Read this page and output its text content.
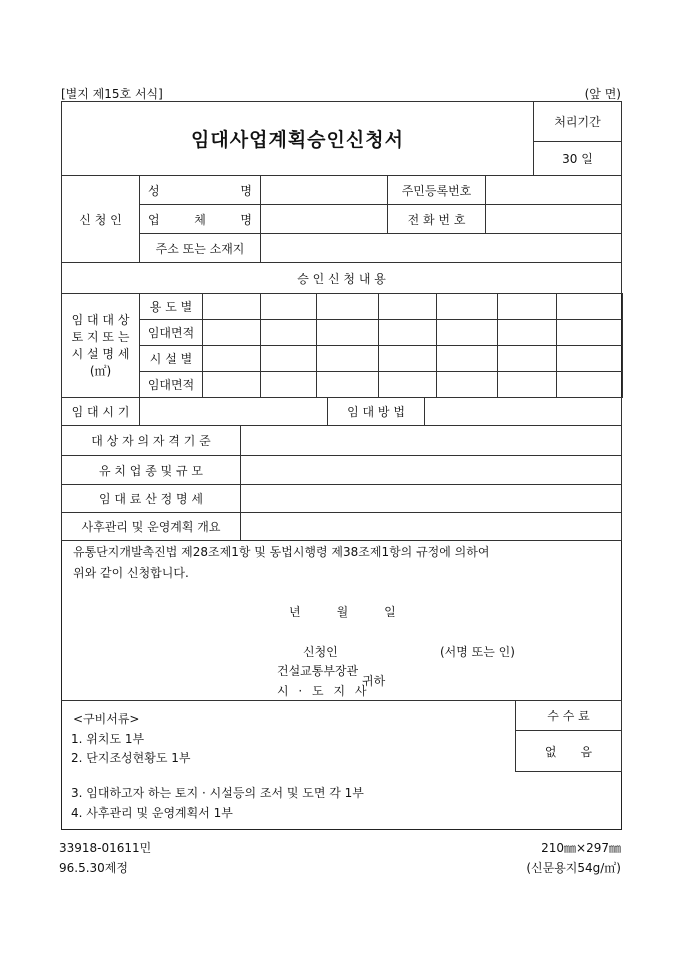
[별지 제15호 서식]	(앞 면)
임대사업계획승인신청서
처리기간
30 일
신 청 인
성 명	주민등록번호
업 체 명	전 화 번 호
주소 또는 소재지
승 인 신 청 내 용
임 대 대 상
토 지 또 는
시 설 명 세
(㎡)
용 도 별
임대면적
시 설 별
임대면적
임 대 시 기	임 대 방 법
대 상 자 의 자 격 기 준
유 치 업 종 및 규 모
임 대 료 산 정 명 세
사후관리 및 운영계획 개요
유통단지개발촉진법 제28조제1항 및 동법시행령 제38조제1항의 규정에 의하여
위와 같이 신청합니다.
년　　　월　　　일
신청인	(서명 또는 인)
건설교통부장관
시 · 도 지 사
귀하
<구비서류>
1. 위치도 1부
2. 단지조성현황도 1부
3. 임대하고자 하는 토지 · 시설등의 조서 및 도면 각 1부
4. 사후관리 및 운영계획서 1부
수 수 료
없　　음
33918-01611민
96.5.30제정
210㎜×297㎜
(신문용지54g/㎡)
